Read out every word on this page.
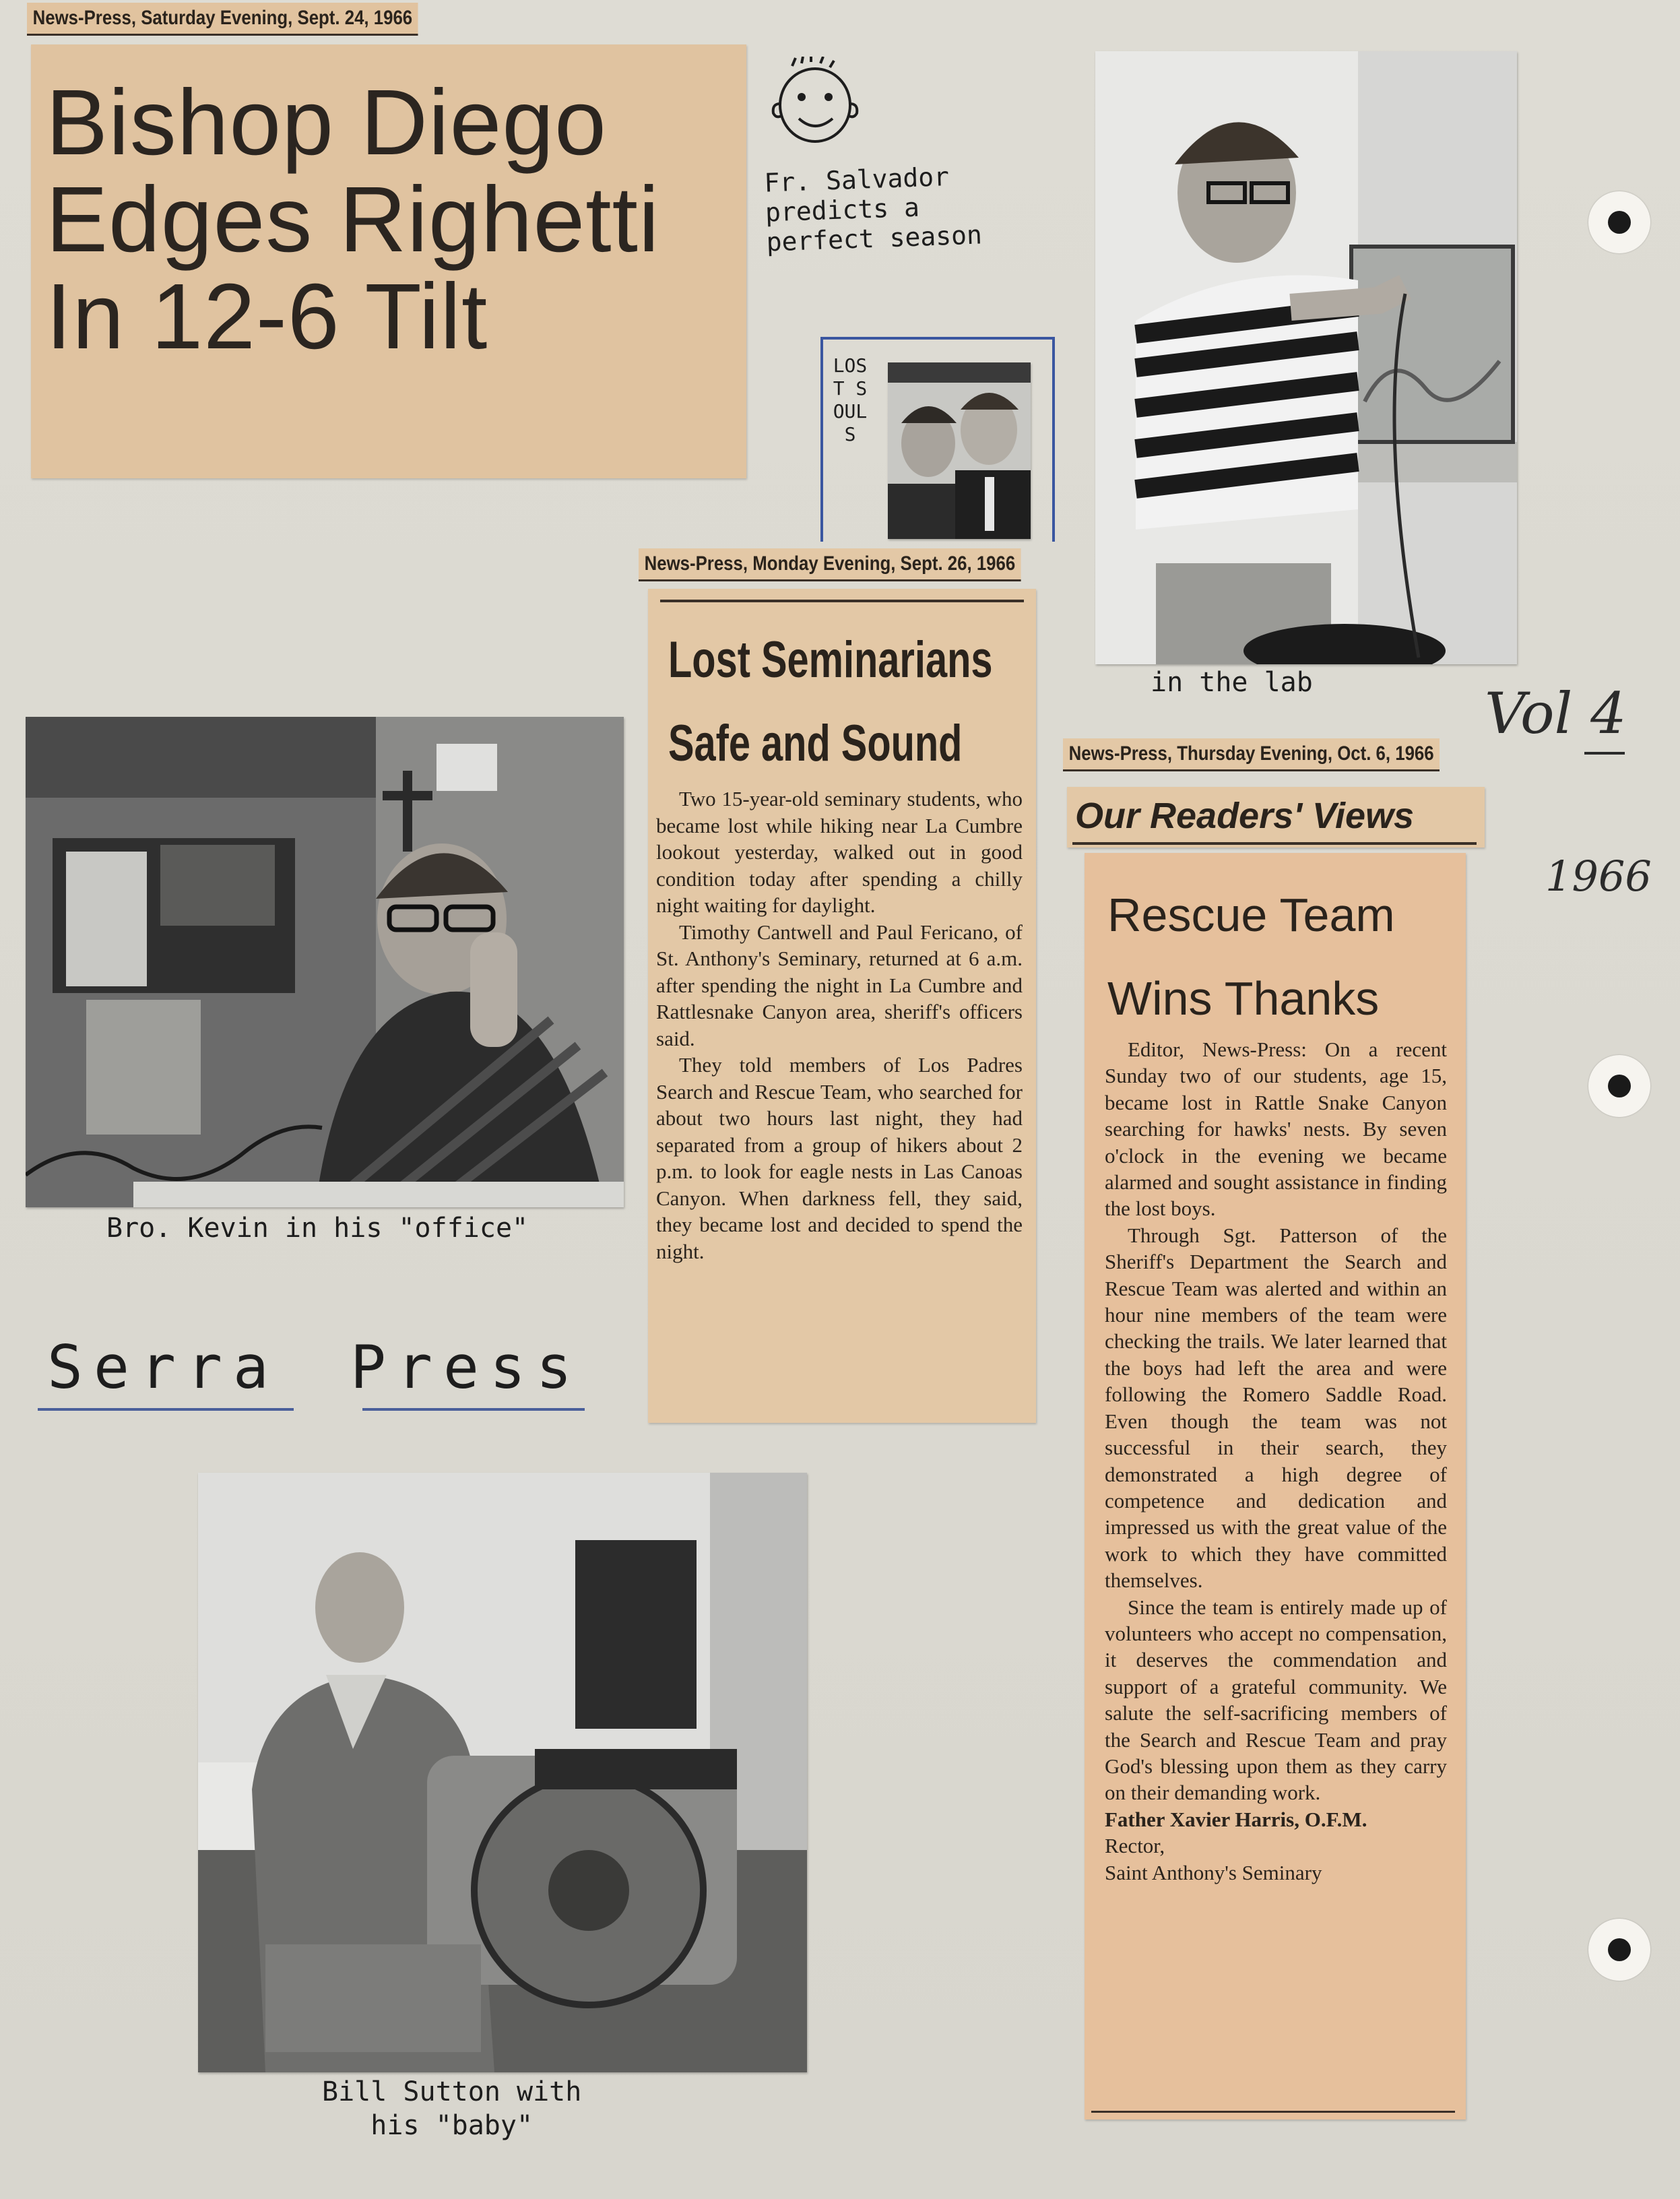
News-Press, Saturday Evening, Sept. 24, 1966
Bishop Diego
Edges Righetti
In 12-6 Tilt
Fr. Salvador
predicts a
perfect season
LOST SOULS
in the lab	Vol 4
1966
Bro. Kevin in his "office"
Serra Press
Bill Sutton with
his "baby"
News-Press, Monday Evening, Sept. 26, 1966
Lost Seminarians
Safe and Sound

Two 15-year-old seminary students, who became lost while hiking near La Cumbre lookout yesterday, walked out in good condition today after spending a chilly night waiting for daylight.

Timothy Cantwell and Paul Fericano, of St. Anthony's Seminary, returned at 6 a.m. after spending the night in La Cumbre and Rattlesnake Canyon area, sheriff's officers said.

They told members of Los Padres Search and Rescue Team, who searched for about two hours last night, they had separated from a group of hikers about 2 p.m. to look for eagle nests in Las Canoas Canyon. When darkness fell, they said, they became lost and decided to spend the night.

News-Press, Thursday Evening, Oct. 6, 1966
Our Readers' Views
Rescue Team
Wins Thanks

Editor, News-Press: On a recent Sunday two of our students, age 15, became lost in Rattle Snake Canyon searching for hawks' nests. By seven o'clock in the evening we became alarmed and sought assistance in finding the lost boys.

Through Sgt. Patterson of the Sheriff's Department the Search and Rescue Team was alerted and within an hour nine members of the team were checking the trails. We later learned that the boys had left the area and were following the Romero Saddle Road. Even though the team was not successful in their search, they demonstrated a high degree of competence and dedication and impressed us with the great value of the work to which they have committed themselves.

Since the team is entirely made up of volunteers who accept no compensation, it deserves the commendation and support of a grateful community. We salute the self-sacrificing members of the Search and Rescue Team and pray God's blessing upon them as they carry on their demanding work.

Father Xavier Harris, O.F.M.
Rector,
Saint Anthony's Seminary
